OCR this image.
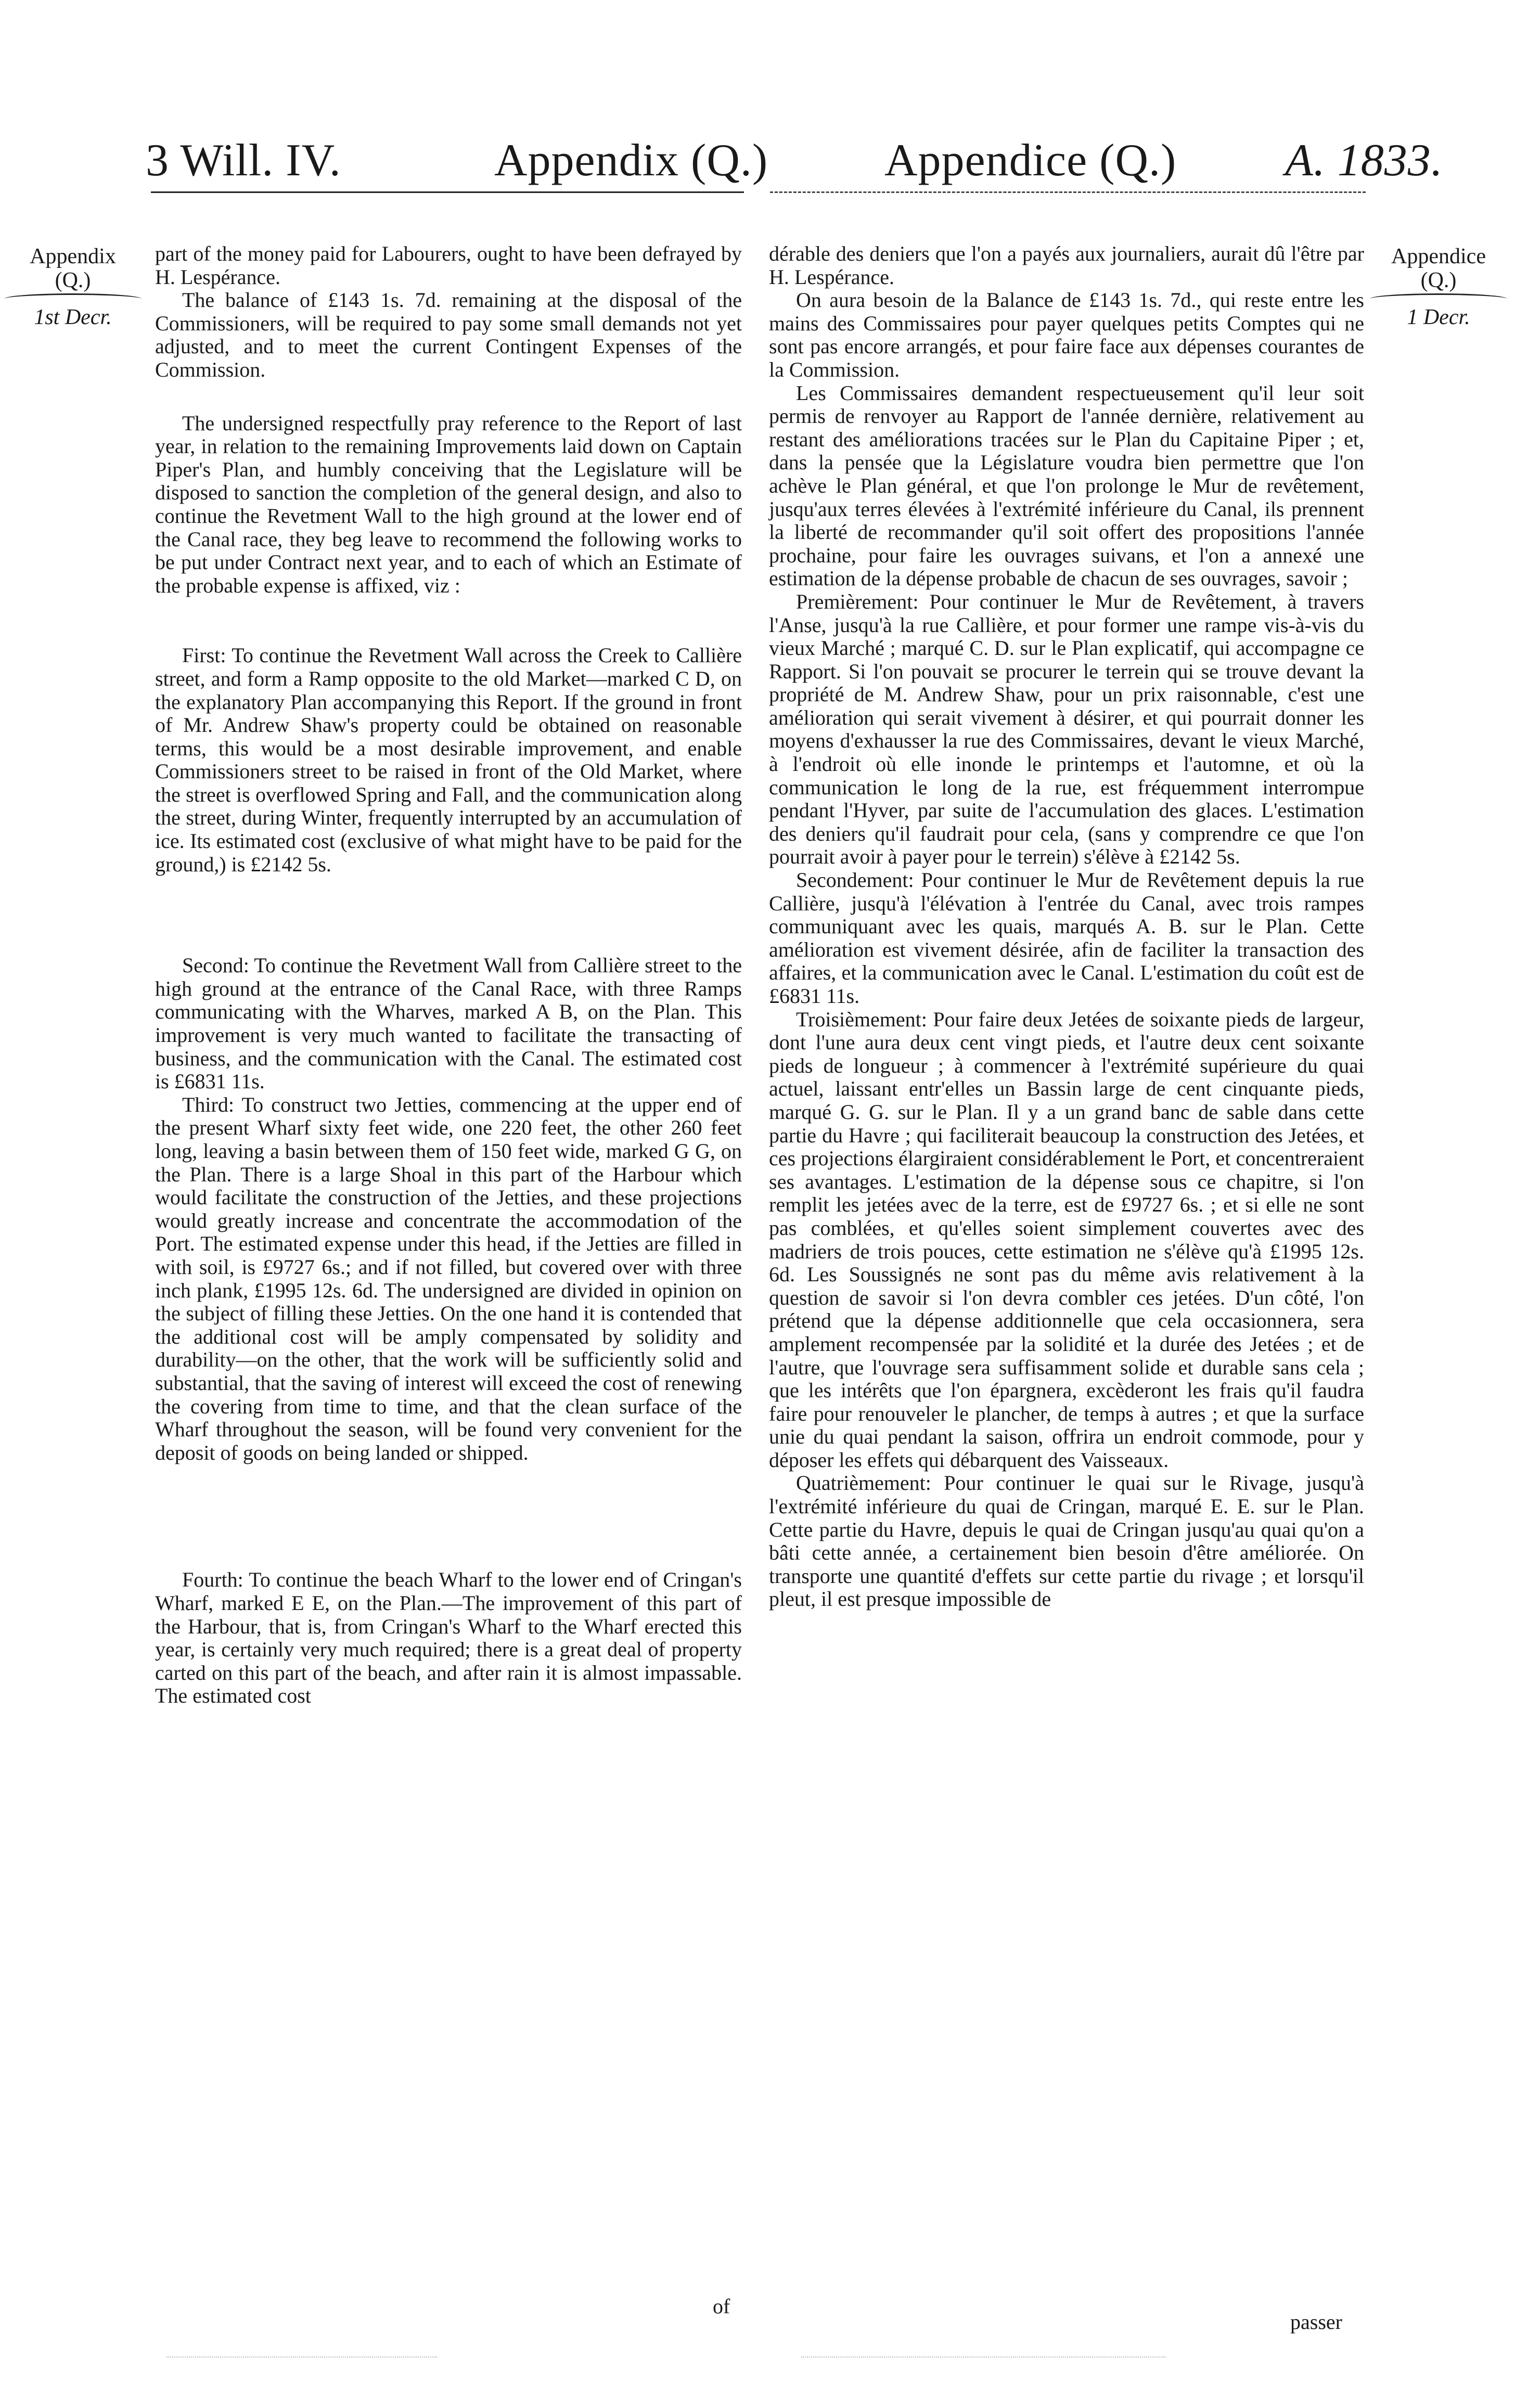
3 Will. IV.	Appendix (Q.)	Appendice (Q.) A. 1833.
Appendix
(Q.)
1st Decr.
Appendice
(Q.)
1 Decr.

part of the money paid for Labourers, ought to have been defrayed by H. Lespérance.

The balance of £143 1s. 7d. remaining at the disposal of the Commissioners, will be required to pay some small demands not yet adjusted, and to meet the current Contingent Expenses of the Commission.

The undersigned respectfully pray reference to the Report of last year, in relation to the remaining Improvements laid down on Captain Piper's Plan, and humbly conceiving that the Legislature will be disposed to sanction the completion of the general design, and also to continue the Revetment Wall to the high ground at the lower end of the Canal race, they beg leave to recommend the following works to be put under Contract next year, and to each of which an Estimate of the probable expense is affixed, viz :

First: To continue the Revetment Wall across the Creek to Callière street, and form a Ramp opposite to the old Market—marked C D, on the explanatory Plan accompanying this Report. If the ground in front of Mr. Andrew Shaw's property could be obtained on reasonable terms, this would be a most desirable improvement, and enable Commissioners street to be raised in front of the Old Market, where the street is overflowed Spring and Fall, and the communication along the street, during Winter, frequently interrupted by an accumulation of ice. Its estimated cost (exclusive of what might have to be paid for the ground,) is £2142 5s.

Second: To continue the Revetment Wall from Callière street to the high ground at the entrance of the Canal Race, with three Ramps communicating with the Wharves, marked A B, on the Plan. This improvement is very much wanted to facilitate the transacting of business, and the communication with the Canal. The estimated cost is £6831 11s.

Third: To construct two Jetties, commencing at the upper end of the present Wharf sixty feet wide, one 220 feet, the other 260 feet long, leaving a basin between them of 150 feet wide, marked G G, on the Plan. There is a large Shoal in this part of the Harbour which would facilitate the construction of the Jetties, and these projections would greatly increase and concentrate the accommodation of the Port. The estimated expense under this head, if the Jetties are filled in with soil, is £9727 6s.; and if not filled, but covered over with three inch plank, £1995 12s. 6d. The undersigned are divided in opinion on the subject of filling these Jetties. On the one hand it is contended that the additional cost will be amply compensated by solidity and durability—on the other, that the work will be sufficiently solid and substantial, that the saving of interest will exceed the cost of renewing the covering from time to time, and that the clean surface of the Wharf throughout the season, will be found very convenient for the deposit of goods on being landed or shipped.

Fourth: To continue the beach Wharf to the lower end of Cringan's Wharf, marked E E, on the Plan.—The improvement of this part of the Harbour, that is, from Cringan's Wharf to the Wharf erected this year, is certainly very much required; there is a great deal of property carted on this part of the beach, and after rain it is almost impassable. The estimated cost

of

dérable des deniers que l'on a payés aux journaliers, aurait dû l'être par H. Lespérance.

On aura besoin de la Balance de £143 1s. 7d., qui reste entre les mains des Commissaires pour payer quelques petits Comptes qui ne sont pas encore arrangés, et pour faire face aux dépenses courantes de la Commission.

Les Commissaires demandent respectueusement qu'il leur soit permis de renvoyer au Rapport de l'année dernière, relativement au restant des améliorations tracées sur le Plan du Capitaine Piper ; et, dans la pensée que la Législature voudra bien permettre que l'on achève le Plan général, et que l'on prolonge le Mur de revêtement, jusqu'aux terres élevées à l'extrémité inférieure du Canal, ils prennent la liberté de recommander qu'il soit offert des propositions l'année prochaine, pour faire les ouvrages suivans, et l'on a annexé une estimation de la dépense probable de chacun de ses ouvrages, savoir ;

Premièrement: Pour continuer le Mur de Revêtement, à travers l'Anse, jusqu'à la rue Callière, et pour former une rampe vis-à-vis du vieux Marché ; marqué C. D. sur le Plan explicatif, qui accompagne ce Rapport. Si l'on pouvait se procurer le terrein qui se trouve devant la propriété de M. Andrew Shaw, pour un prix raisonnable, c'est une amélioration qui serait vivement à désirer, et qui pourrait donner les moyens d'exhausser la rue des Commissaires, devant le vieux Marché, à l'endroit où elle inonde le printemps et l'automne, et où la communication le long de la rue, est fréquemment interrompue pendant l'Hyver, par suite de l'accumulation des glaces. L'estimation des deniers qu'il faudrait pour cela, (sans y comprendre ce que l'on pourrait avoir à payer pour le terrein) s'élève à £2142 5s.

Secondement: Pour continuer le Mur de Revêtement depuis la rue Callière, jusqu'à l'élévation à l'entrée du Canal, avec trois rampes communiquant avec les quais, marqués A. B. sur le Plan. Cette amélioration est vivement désirée, afin de faciliter la transaction des affaires, et la communication avec le Canal. L'estimation du coût est de £6831 11s.

Troisièmement: Pour faire deux Jetées de soixante pieds de largeur, dont l'une aura deux cent vingt pieds, et l'autre deux cent soixante pieds de longueur ; à commencer à l'extrémité supérieure du quai actuel, laissant entr'elles un Bassin large de cent cinquante pieds, marqué G. G. sur le Plan. Il y a un grand banc de sable dans cette partie du Havre ; qui faciliterait beaucoup la construction des Jetées, et ces projections élargiraient considérablement le Port, et concentreraient ses avantages. L'estimation de la dépense sous ce chapitre, si l'on remplit les jetées avec de la terre, est de £9727 6s. ; et si elle ne sont pas comblées, et qu'elles soient simplement couvertes avec des madriers de trois pouces, cette estimation ne s'élève qu'à £1995 12s. 6d. Les Soussignés ne sont pas du même avis relativement à la question de savoir si l'on devra combler ces jetées. D'un côté, l'on prétend que la dépense additionnelle que cela occasionnera, sera amplement recompensée par la solidité et la durée des Jetées ; et de l'autre, que l'ouvrage sera suffisamment solide et durable sans cela ; que les intérêts que l'on épargnera, excèderont les frais qu'il faudra faire pour renouveler le plancher, de temps à autres ; et que la surface unie du quai pendant la saison, offrira un endroit commode, pour y déposer les effets qui débarquent des Vaisseaux.

Quatrièmement: Pour continuer le quai sur le Rivage, jusqu'à l'extrémité inférieure du quai de Cringan, marqué E. E. sur le Plan. Cette partie du Havre, depuis le quai de Cringan jusqu'au quai qu'on a bâti cette année, a certainement bien besoin d'être améliorée. On transporte une quantité d'effets sur cette partie du rivage ; et lorsqu'il pleut, il est presque impossible de

passer
